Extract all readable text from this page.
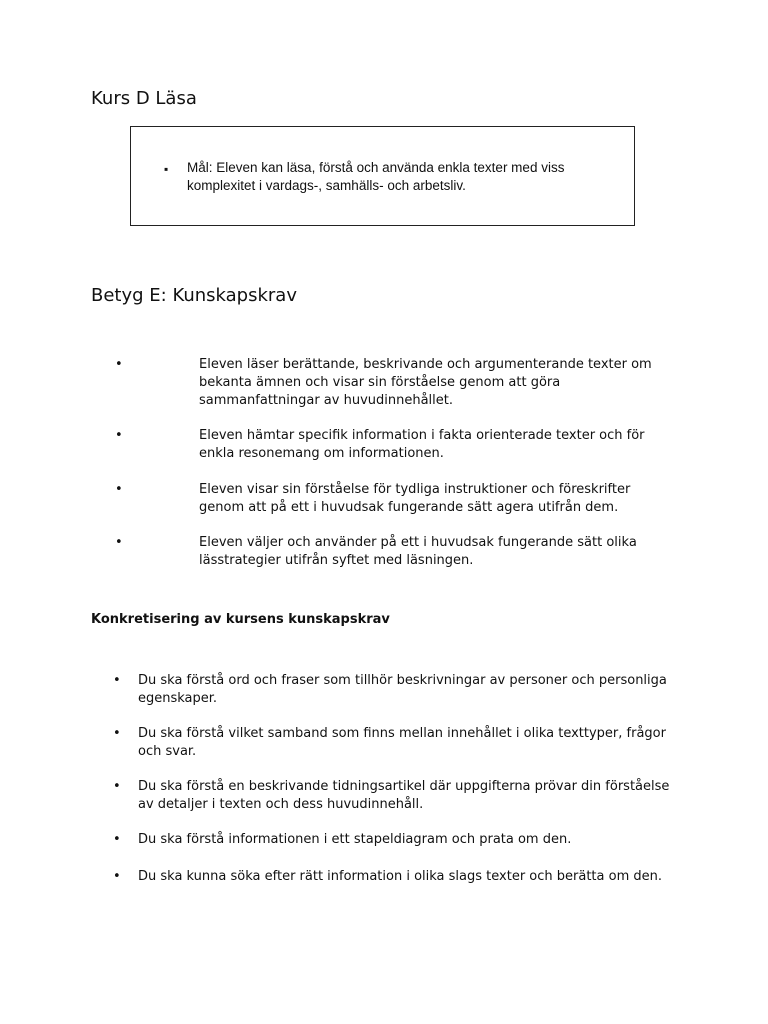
Kurs D Läsa
▪ Mål: Eleven kan läsa, förstå och använda enkla texter med viss komplexitet i vardags-, samhälls- och arbetsliv.
Betyg E: Kunskapskrav
•	Eleven läser berättande, beskrivande och argumenterande texter om bekanta ämnen och visar sin förståelse genom att göra sammanfattningar av huvudinnehållet.
•	Eleven hämtar specifik information i fakta orienterade texter och för enkla resonemang om informationen.
•	Eleven visar sin förståelse för tydliga instruktioner och föreskrifter genom att på ett i huvudsak fungerande sätt agera utifrån dem.
•	Eleven väljer och använder på ett i huvudsak fungerande sätt olika lässtrategier utifrån syftet med läsningen.
Konkretisering av kursens kunskapskrav
• Du ska förstå ord och fraser som tillhör beskrivningar av personer och personliga egenskaper.
• Du ska förstå vilket samband som finns mellan innehållet i olika texttyper, frågor och svar.
• Du ska förstå en beskrivande tidningsartikel där uppgifterna prövar din förståelse av detaljer i texten och dess huvudinnehåll.
• Du ska förstå informationen i ett stapeldiagram och prata om den.
• Du ska kunna söka efter rätt information i olika slags texter och berätta om den.
